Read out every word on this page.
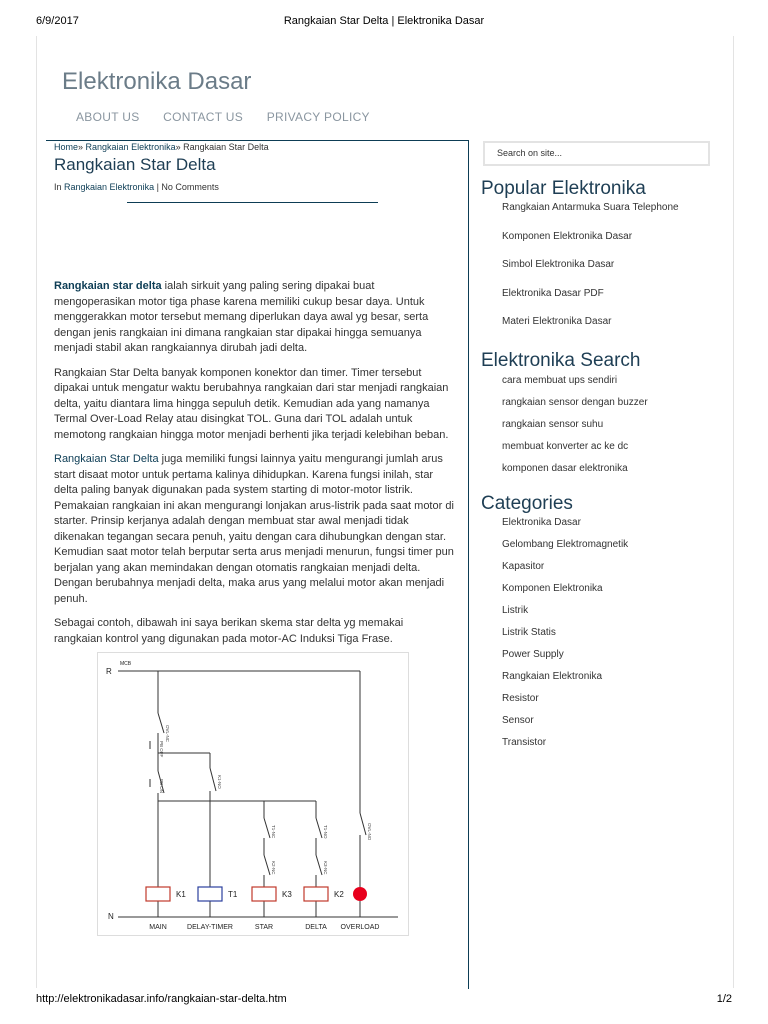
6/9/2017	Rangkaian Star Delta | Elektronika Dasar
Elektronika Dasar
ABOUT US CONTACT US PRIVACY POLICY
Home» Rangkaian Elektronika» Rangkaian Star Delta
Rangkaian Star Delta
In Rangkaian Elektronika | No Comments

Rangkaian star delta ialah sirkuit yang paling sering dipakai buat mengoperasikan motor tiga phase karena memiliki cukup besar daya. Untuk menggerakkan motor tersebut memang diperlukan daya awal yg besar, serta dengan jenis rangkaian ini dimana rangkaian star dipakai hingga semuanya menjadi stabil akan rangkaiannya dirubah jadi delta.

Rangkaian Star Delta banyak komponen konektor dan timer. Timer tersebut dipakai untuk mengatur waktu berubahnya rangkaian dari star menjadi rangkaian delta, yaitu diantara lima hingga sepuluh detik. Kemudian ada yang namanya Termal Over-Load Relay atau disingkat TOL. Guna dari TOL adalah untuk memotong rangkaian hingga motor menjadi berhenti jika terjadi kelebihan beban.

Rangkaian Star Delta juga memiliki fungsi lainnya yaitu mengurangi jumlah arus start disaat motor untuk pertama kalinya dihidupkan. Karena fungsi inilah, star delta paling banyak digunakan pada system starting di motor-motor listrik. Pemakaian rangkaian ini akan mengurangi lonjakan arus-listrik pada saat motor di starter. Prinsip kerjanya adalah dengan membuat star awal menjadi tidak dikenakan tegangan secara penuh, yaitu dengan cara dihubungkan dengan star. Kemudian saat motor telah berputar serta arus menjadi menurun, fungsi timer pun berjalan yang akan memindakan dengan otomatis rangkaian menjadi delta. Dengan berubahnya menjadi delta, maka arus yang melalui motor akan menjadi penuh.

Sebagai contoh, dibawah ini saya berikan skema star delta yg memakai rangkaian kontrol yang digunakan pada motor-AC Induksi Tiga Frase.

R
N
MCB
K1	T1	K3	K2
MAIN	DELAY-TIMER	STAR	DELTA OVERLOAD
OVL-NC
OVL-NO
PB OFF
PB ON	K1-NO
T1-NC	T1-NO
K2-NC	K3-NC
Search on site...
Popular Elektronika
Rangkaian Antarmuka Suara Telephone
Komponen Elektronika Dasar
Simbol Elektronika Dasar
Elektronika Dasar PDF
Materi Elektronika Dasar
Elektronika Search
cara membuat ups sendiri
rangkaian sensor dengan buzzer
rangkaian sensor suhu
membuat konverter ac ke dc
komponen dasar elektronika
Categories
Elektronika Dasar
Gelombang Elektromagnetik
Kapasitor
Komponen Elektronika
Listrik
Listrik Statis
Power Supply
Rangkaian Elektronika
Resistor
Sensor
Transistor
http://elektronikadasar.info/rangkaian-star-delta.htm	1/2
